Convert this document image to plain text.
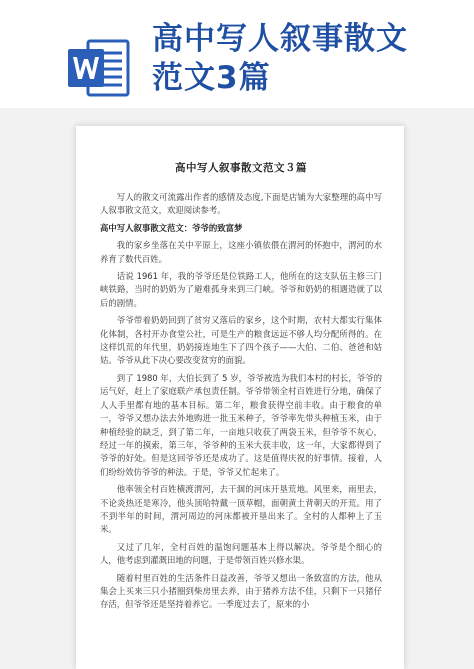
高中写人叙事散文
范文3篇
高中写人叙事散文范文３篇

写人的散文可流露出作者的感情及态度,下面是店铺为大家整理的高中写人叙事散文范文，欢迎阅读参考。

高中写人叙事散文范文：爷爷的致富梦

我的家乡坐落在关中平原上，这座小镇依偎在渭河的怀抱中，渭河的水养育了数代百姓。

话说 1961 年，我的爷爷还是位铁路工人，他所在的这支队伍主修三门峡铁路，当时的奶奶为了避难孤身来到三门峡。爷爷和奶奶的相遇造就了以后的剧情。

爷爷带着奶奶回到了贫穷又落后的家乡，这个时期，农村大都实行集体化体制，各村开办食堂公社，可是生产的粮食远远不够人均分配所得的。在这样饥荒的年代里，奶奶接连地生下了四个孩子——大伯、二伯、爸爸和姑姑。爷爷从此下决心要改变贫穷的面貌。

到了 1980 年，大伯长到了 5 岁，爷爷被选为我们本村的村长，爷爷的运气好，赶上了家庭联产承包责任制。爷爷带领全村百姓进行分地，确保了人人手里都有地的基本目标。第二年，粮食获得空前丰收。由于粮食的单一，爷爷又想办法去外地购进一批玉米种子，爷爷率先带头种植玉米，由于种植经验的缺乏，到了第二年，一亩地只收获了两袋玉米，但爷爷不灰心，经过一年的摸索，第三年，爷爷种的玉米大获丰收，这一年，大家都得到了爷爷的好处。但是这回爷爷还是成功了。这是值得庆祝的好事情。接着，人们纷纷效仿爷爷的种法。于是，爷爷又忙起来了。

他率领全村百姓横渡渭河，去干涸的河床开垦荒地。风里来，雨里去，不论炎热还是寒冷，他头顶哈特戴一顶草帽，面朝黄土背朝天的开荒。用了不到半年的时间，渭河周边的河床都被开垦出来了。全村的人都种上了玉米。

又过了几年，全村百姓的温饱问题基本上得以解决。爷爷是个细心的人，他考虑到灌溉田地的问题，于是带领百姓兴修水渠。

随着村里百姓的生活条件日益改善，爷爷又想出一条致富的方法，他从集会上买来三只小猪圈到柴房里去养，由于猪养方法不佳，只剩下一只猪仔存活，但爷爷还是坚持着养它。一季度过去了，原来的小
